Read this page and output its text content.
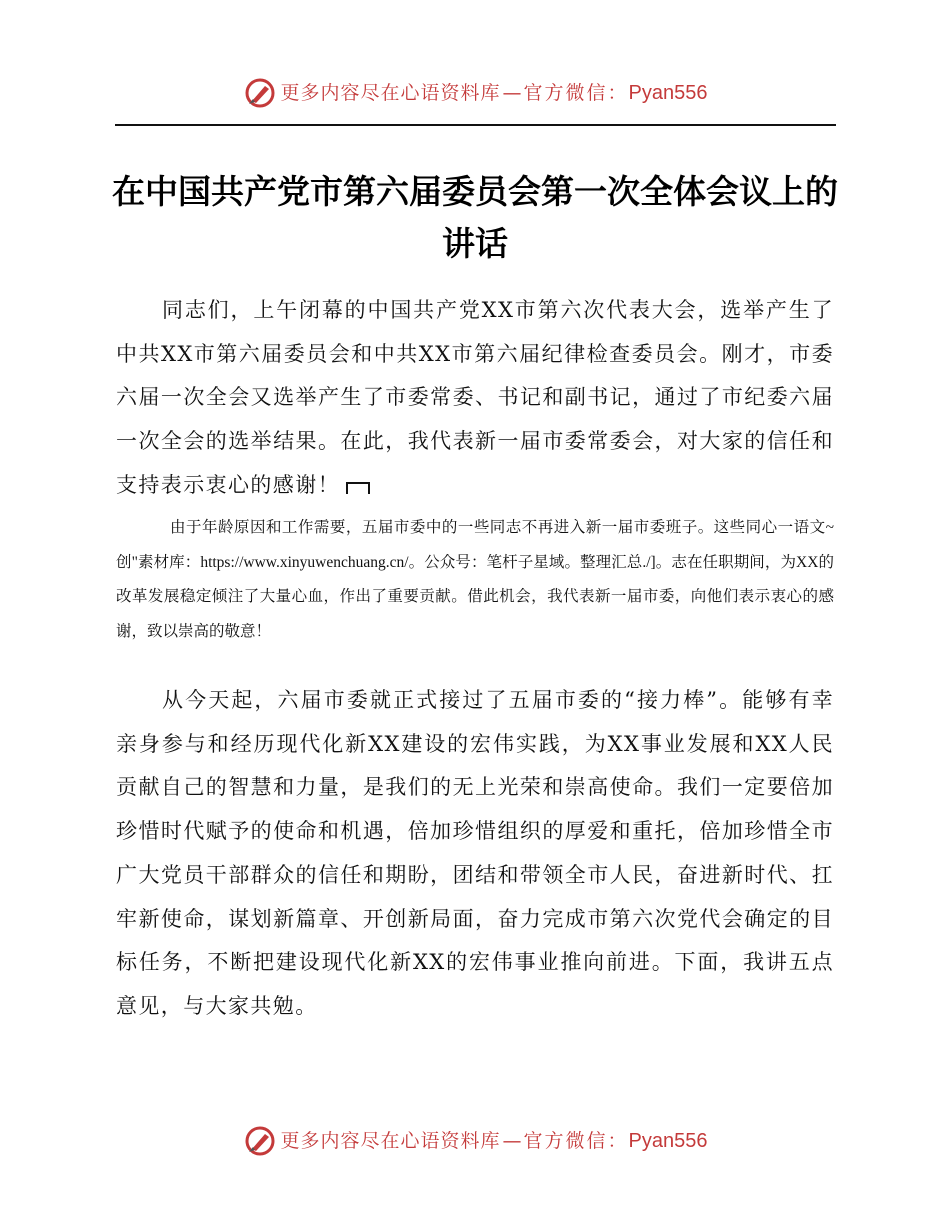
更多内容尽在心语资料库 — 官方微信： Pyan556
在中国共产党市第六届委员会第一次全体会议上的讲话

同志们，上午闭幕的中国共产党XX市第六次代表大会，选举产生了中共XX市第六届委员会和中共XX市第六届纪律检查委员会。刚才，市委六届一次全会又选举产生了市委常委、书记和副书记，通过了市纪委六届一次全会的选举结果。在此，我代表新一届市委常委会，对大家的信任和支持表示衷心的感谢！

由于年龄原因和工作需要，五届市委中的一些同志不再进入新一届市委班子。这些同心一语文~创"素材库：https://www.xinyuwenchuang.cn/。公众号：笔杆子星域。整理汇总./]。志在任职期间，为XX的改革发展稳定倾注了大量心血，作出了重要贡献。借此机会，我代表新一届市委，向他们表示衷心的感谢，致以崇高的敬意！

从今天起，六届市委就正式接过了五届市委的“接力棒”。能够有幸亲身参与和经历现代化新XX建设的宏伟实践，为XX事业发展和XX人民贡献自己的智慧和力量，是我们的无上光荣和崇高使命。我们一定要倍加珍惜时代赋予的使命和机遇，倍加珍惜组织的厚爱和重托，倍加珍惜全市广大党员干部群众的信任和期盼，团结和带领全市人民，奋进新时代、扛牢新使命，谋划新篇章、开创新局面，奋力完成市第六次党代会确定的目标任务，不断把建设现代化新XX的宏伟事业推向前进。下面，我讲五点意见，与大家共勉。

更多内容尽在心语资料库 — 官方微信： Pyan556
